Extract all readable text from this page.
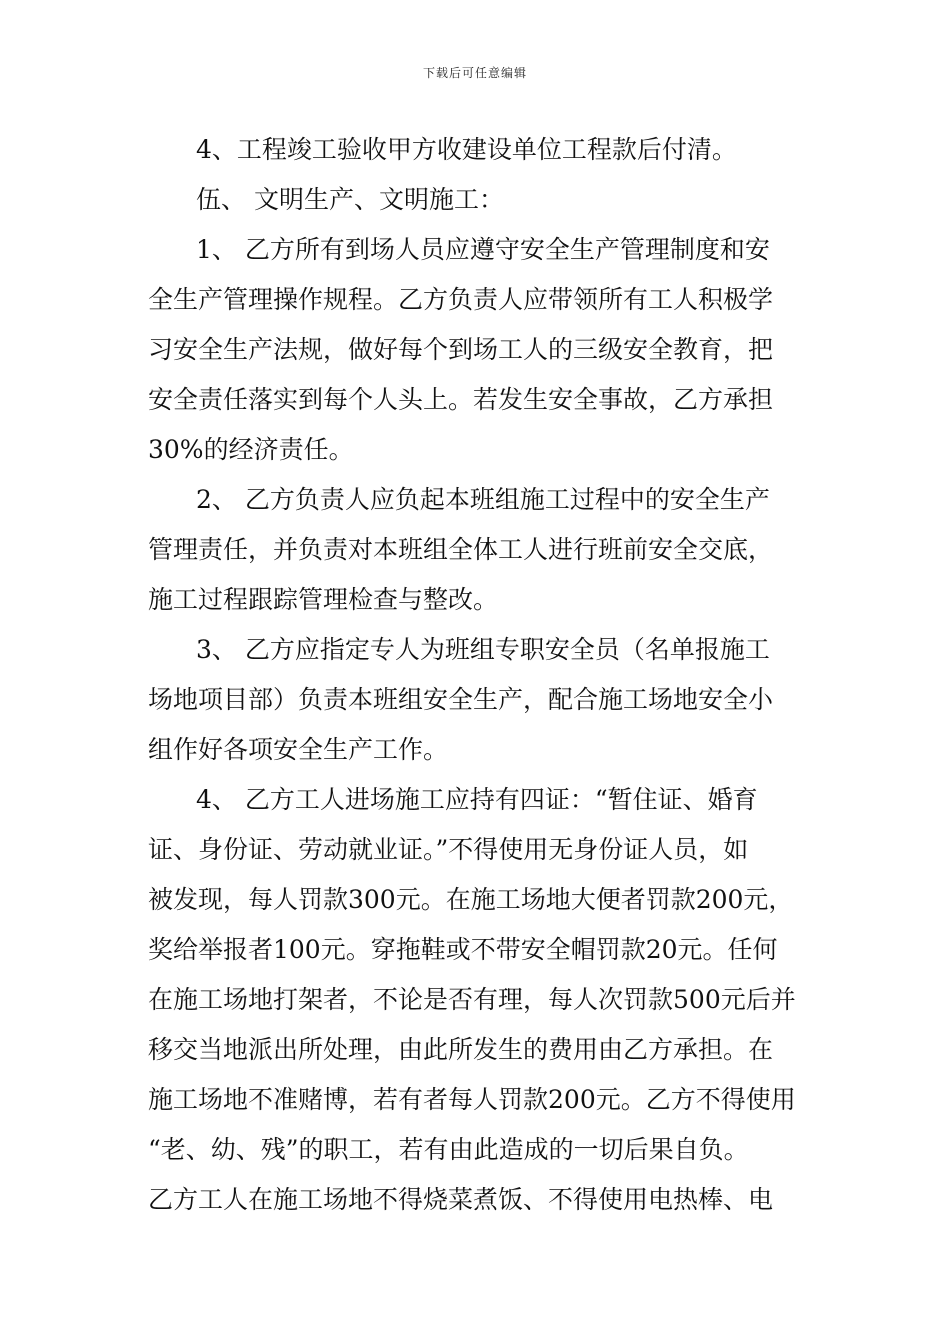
下载后可任意编辑
4、工程竣工验收甲方收建设单位工程款后付清。
伍、 文明生产、文明施工：
1、 乙方所有到场人员应遵守安全生产管理制度和安
全生产管理操作规程。乙方负责人应带领所有工人积极学
习安全生产法规，做好每个到场工人的三级安全教育，把
安全责任落实到每个人头上。若发生安全事故，乙方承担
30%的经济责任。
2、 乙方负责人应负起本班组施工过程中的安全生产
管理责任，并负责对本班组全体工人进行班前安全交底，
施工过程跟踪管理检查与整改。
3、 乙方应指定专人为班组专职安全员（名单报施工
场地项目部）负责本班组安全生产，配合施工场地安全小
组作好各项安全生产工作。
4、 乙方工人进场施工应持有四证：“暂住证、婚育
证、身份证、劳动就业证。”不得使用无身份证人员，如
被发现，每人罚款300元。在施工场地大便者罚款200元，
奖给举报者100元。穿拖鞋或不带安全帽罚款20元。任何
在施工场地打架者，不论是否有理，每人次罚款500元后并
移交当地派出所处理，由此所发生的费用由乙方承担。在
施工场地不准赌博，若有者每人罚款200元。乙方不得使用
“老、幼、残”的职工，若有由此造成的一切后果自负。
乙方工人在施工场地不得烧菜煮饭、不得使用电热棒、电
